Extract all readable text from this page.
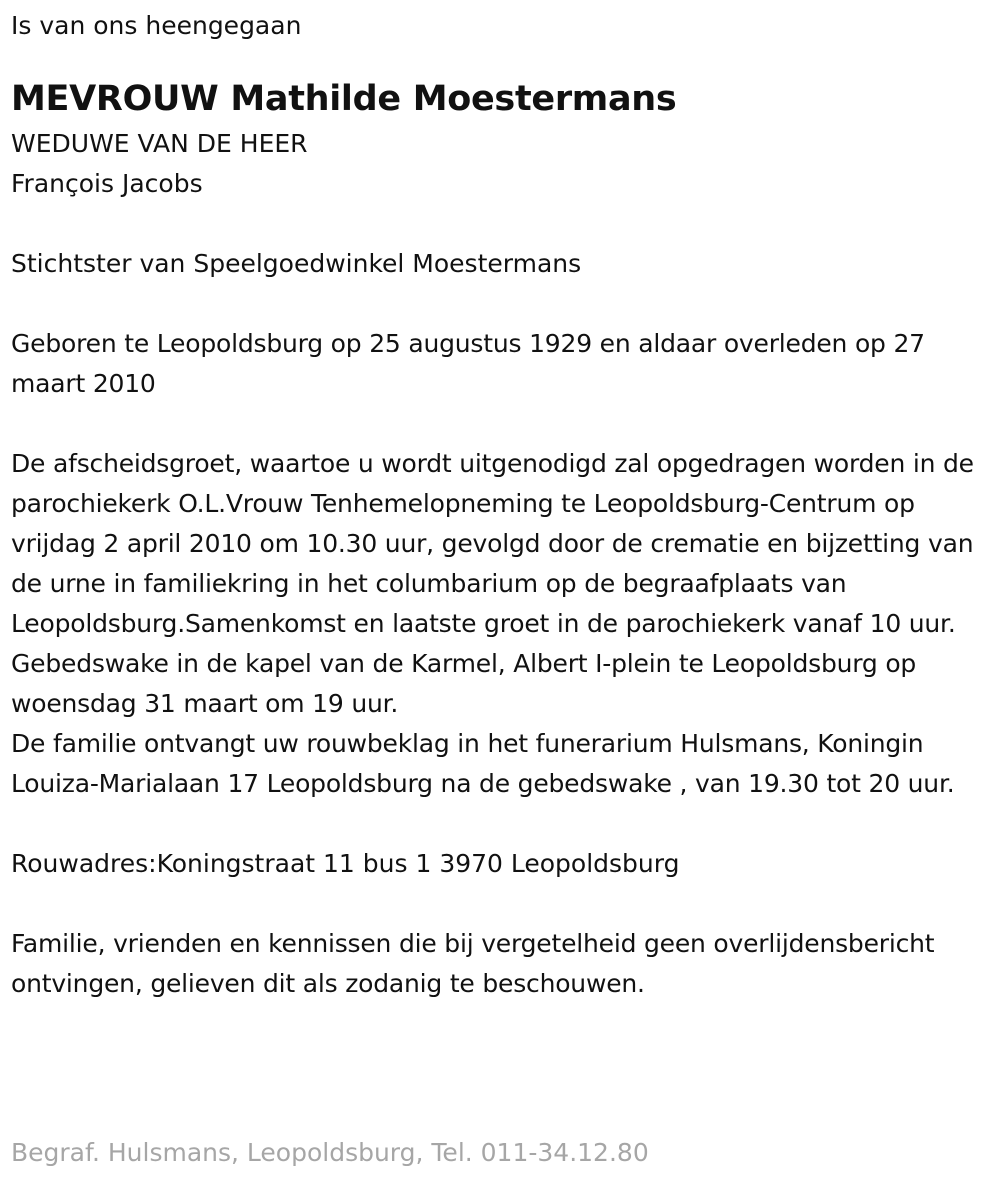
Is van ons heengegaan

MEVROUW Mathilde Moestermans

WEDUWE VAN DE HEER

François Jacobs

Stichtster van Speelgoedwinkel Moestermans

Geboren te Leopoldsburg op 25 augustus 1929 en aldaar overleden op 27 maart 2010

De afscheidsgroet, waartoe u wordt uitgenodigd zal opgedragen worden in de parochiekerk O.L.Vrouw Tenhemelopneming te Leopoldsburg-Centrum op vrijdag 2 april 2010 om 10.30 uur, gevolgd door de crematie en bijzetting van de urne in familiekring in het columbarium op de begraafplaats van Leopoldsburg.Samenkomst en laatste groet in de parochiekerk vanaf 10 uur.

Gebedswake in de kapel van de Karmel, Albert I-plein te Leopoldsburg op woensdag 31 maart om 19 uur.

De familie ontvangt uw rouwbeklag in het funerarium Hulsmans, Koningin Louiza-Marialaan 17 Leopoldsburg na de gebedswake , van 19.30 tot 20 uur.

Rouwadres:Koningstraat 11 bus 1 3970 Leopoldsburg

Familie, vrienden en kennissen die bij vergetelheid geen overlijdensbericht ontvingen, gelieven dit als zodanig te beschouwen.

Begraf. Hulsmans, Leopoldsburg, Tel. 011-34.12.80
